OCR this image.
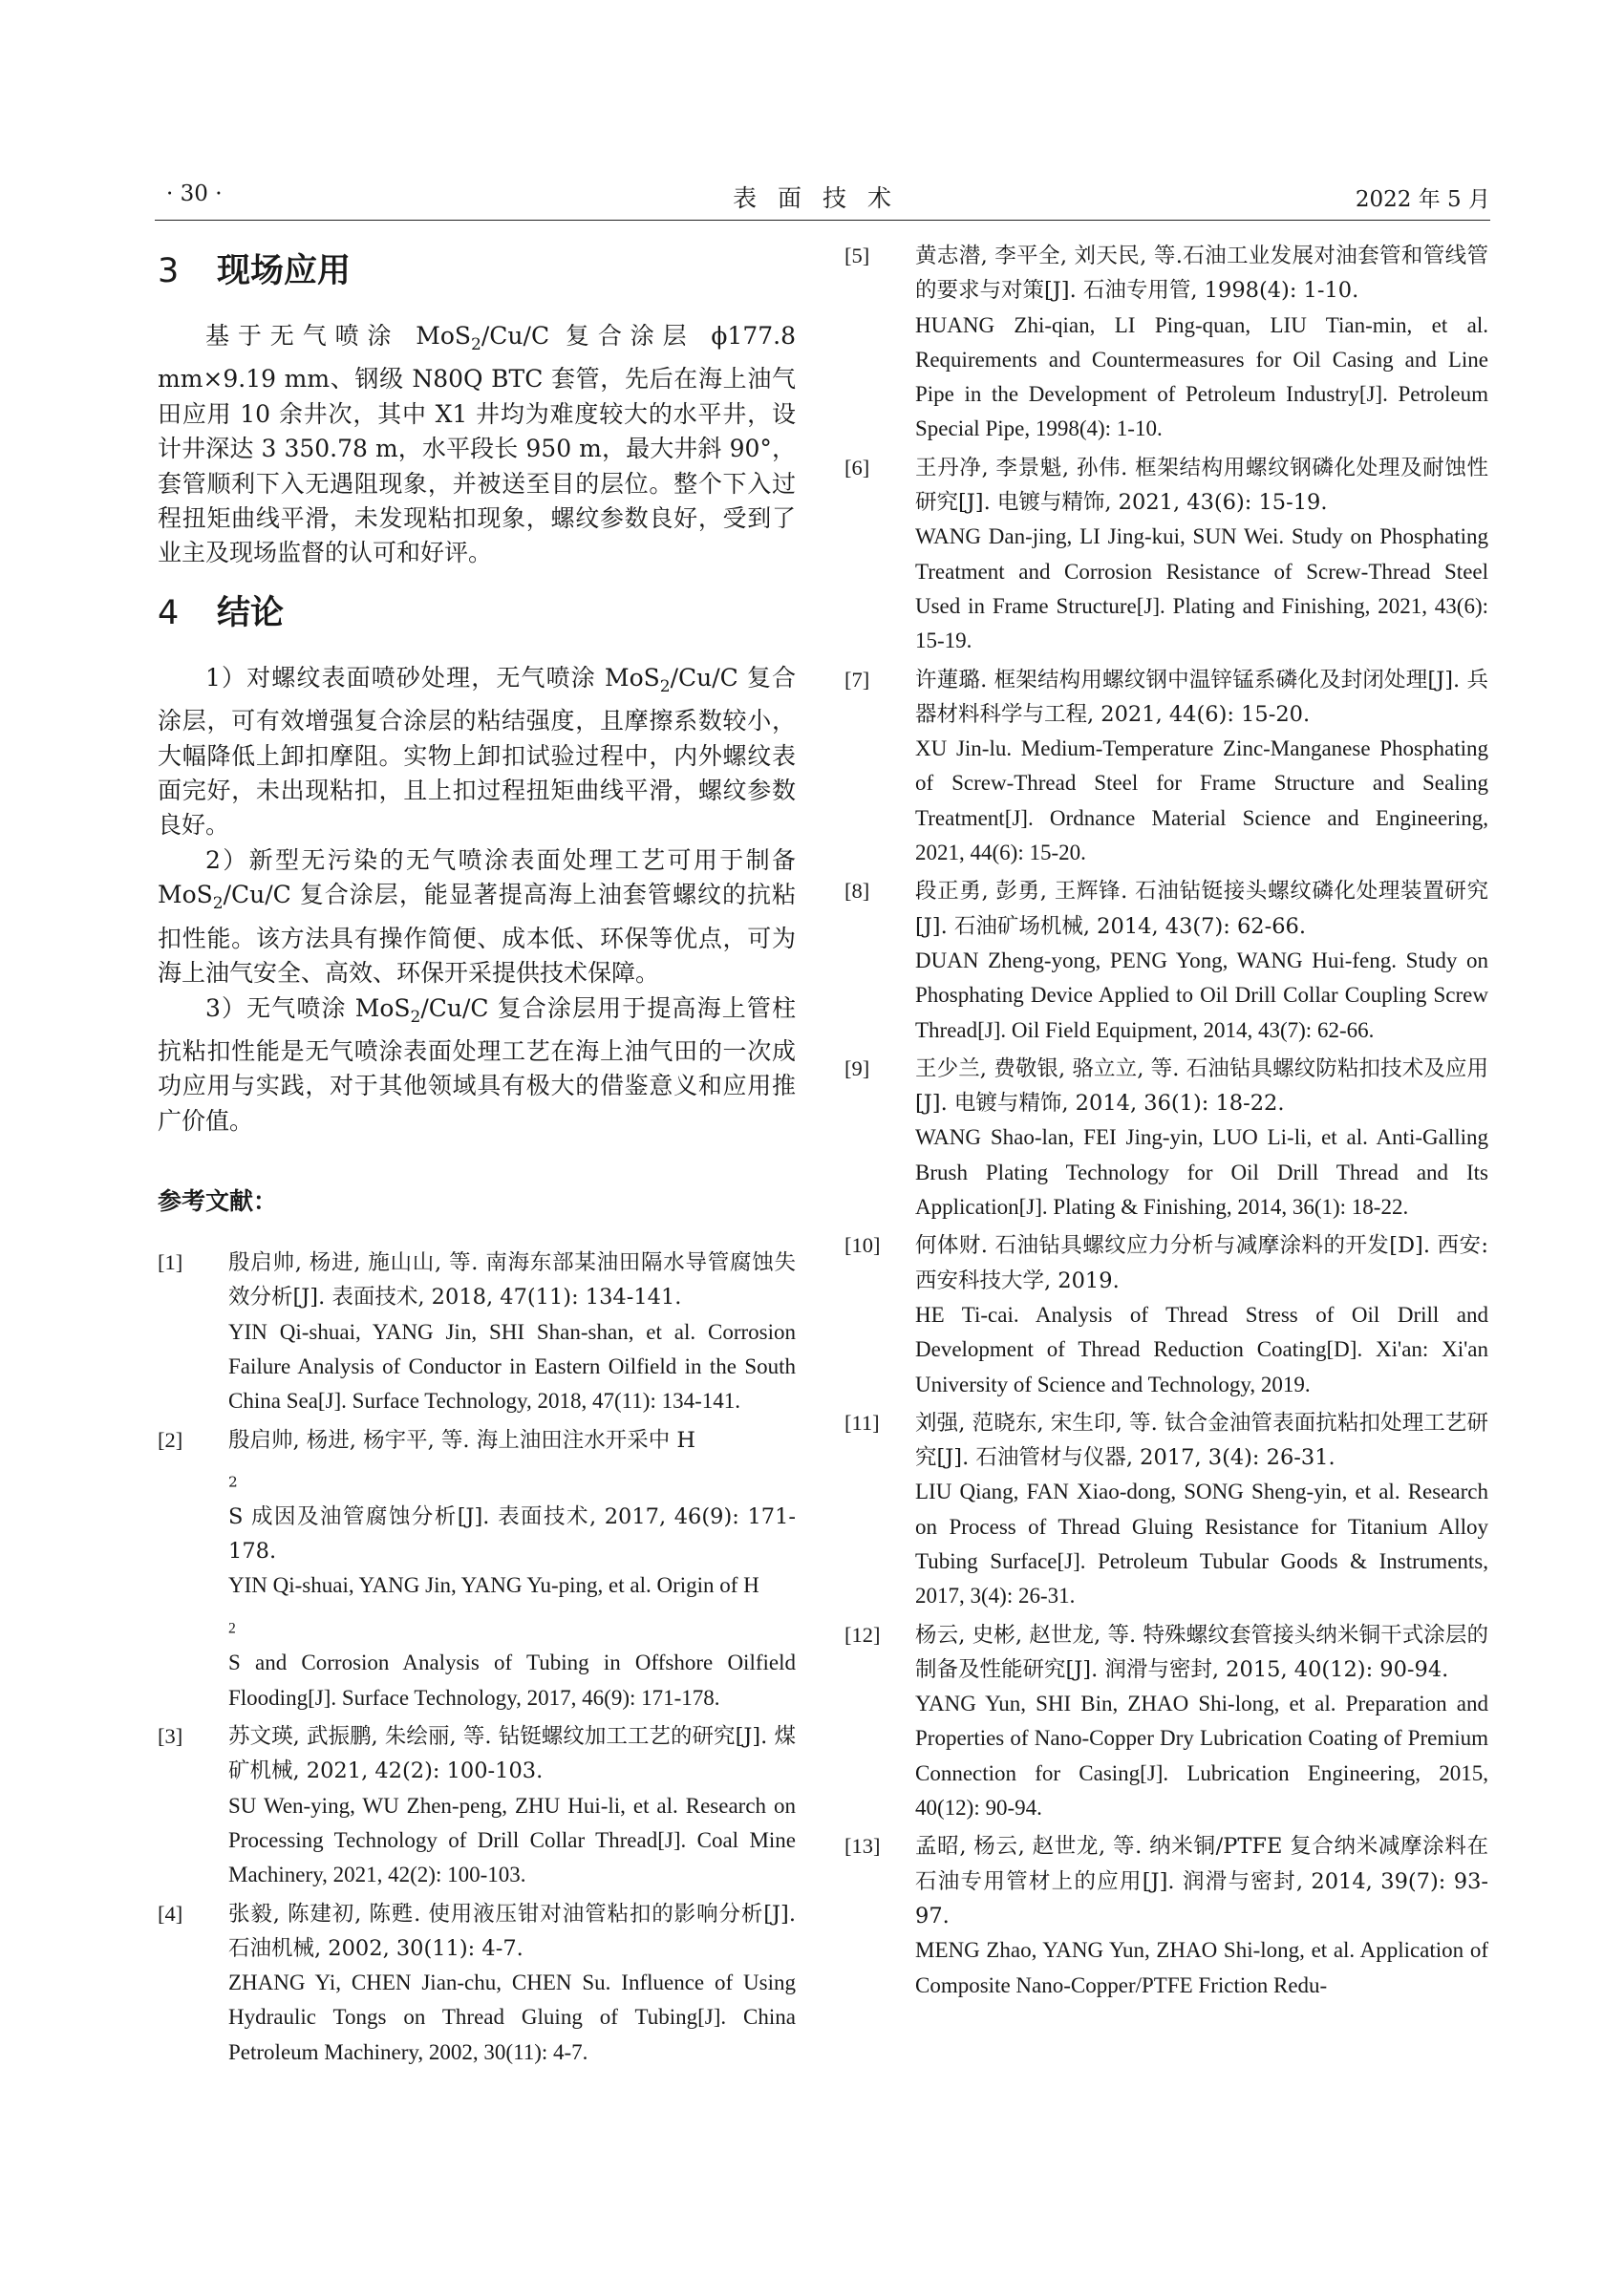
· 30 ·	表面技术	2022 年 5 月
3 现场应用

基于无气喷涂 MoS$_2$/Cu/C 复合涂层 ϕ177.8 mm×9.19 mm、钢级 N80Q BTC 套管，先后在海上油气田应用 10 余井次，其中 X1 井均为难度较大的水平井，设计井深达 3 350.78 m，水平段长 950 m，最大井斜 90°，套管顺利下入无遇阻现象，并被送至目的层位。整个下入过程扭矩曲线平滑，未发现粘扣现象，螺纹参数良好，受到了业主及现场监督的认可和好评。

4 结论

1）对螺纹表面喷砂处理，无气喷涂 MoS$_2$/Cu/C 复合涂层，可有效增强复合涂层的粘结强度，且摩擦系数较小，大幅降低上卸扣摩阻。实物上卸扣试验过程中，内外螺纹表面完好，未出现粘扣，且上扣过程扭矩曲线平滑，螺纹参数良好。

2）新型无污染的无气喷涂表面处理工艺可用于制备 MoS$_2$/Cu/C 复合涂层，能显著提高海上油套管螺纹的抗粘扣性能。该方法具有操作简便、成本低、环保等优点，可为海上油气安全、高效、环保开采提供技术保障。

3）无气喷涂 MoS$_2$/Cu/C 复合涂层用于提高海上管柱抗粘扣性能是无气喷涂表面处理工艺在海上油气田的一次成功应用与实践，对于其他领域具有极大的借鉴意义和应用推广价值。

参考文献：
[1]	殷启帅, 杨进, 施山山, 等. 南海东部某油田隔水导管腐蚀失效分析[J]. 表面技术, 2018, 47(11): 134-141.
YIN Qi-shuai, YANG Jin, SHI Shan-shan, et al. Corrosion Failure Analysis of Conductor in Eastern Oilfield in the South China Sea[J]. Surface Technology, 2018, 47(11): 134-141.
[2]	殷启帅, 杨进, 杨宇平, 等. 海上油田注水开采中 H
$_2$
S 成因及油管腐蚀分析[J]. 表面技术, 2017, 46(9): 171-178.
YIN Qi-shuai, YANG Jin, YANG Yu-ping, et al. Origin of H
$_2$
S and Corrosion Analysis of Tubing in Offshore Oilfield Flooding[J]. Surface Technology, 2017, 46(9): 171-178.
[3]	苏文瑛, 武振鹏, 朱绘丽, 等. 钻铤螺纹加工工艺的研究[J]. 煤矿机械, 2021, 42(2): 100-103.
SU Wen-ying, WU Zhen-peng, ZHU Hui-li, et al. Research on Processing Technology of Drill Collar Thread[J]. Coal Mine Machinery, 2021, 42(2): 100-103.
[4]	张毅, 陈建初, 陈甦. 使用液压钳对油管粘扣的影响分析[J]. 石油机械, 2002, 30(11): 4-7.
ZHANG Yi, CHEN Jian-chu, CHEN Su. Influence of Using Hydraulic Tongs on Thread Gluing of Tubing[J]. China Petroleum Machinery, 2002, 30(11): 4-7.
[5]	黄志潜, 李平全, 刘天民, 等.石油工业发展对油套管和管线管的要求与对策[J]. 石油专用管, 1998(4): 1-10.
HUANG Zhi-qian, LI Ping-quan, LIU Tian-min, et al. Requirements and Countermeasures for Oil Casing and Line Pipe in the Development of Petroleum Industry[J]. Petroleum Special Pipe, 1998(4): 1-10.
[6]	王丹净, 李景魁, 孙伟. 框架结构用螺纹钢磷化处理及耐蚀性研究[J]. 电镀与精饰, 2021, 43(6): 15-19.
WANG Dan-jing, LI Jing-kui, SUN Wei. Study on Phosphating Treatment and Corrosion Resistance of Screw-Thread Steel Used in Frame Structure[J]. Plating and Finishing, 2021, 43(6): 15-19.
[7]	许蓮璐. 框架结构用螺纹钢中温锌锰系磷化及封闭处理[J]. 兵器材料科学与工程, 2021, 44(6): 15-20.
XU Jin-lu. Medium-Temperature Zinc-Manganese Phosphating of Screw-Thread Steel for Frame Structure and Sealing Treatment[J]. Ordnance Material Science and Engineering, 2021, 44(6): 15-20.
[8]	段正勇, 彭勇, 王辉锋. 石油钻铤接头螺纹磷化处理装置研究[J]. 石油矿场机械, 2014, 43(7): 62-66.
DUAN Zheng-yong, PENG Yong, WANG Hui-feng. Study on Phosphating Device Applied to Oil Drill Collar Coupling Screw Thread[J]. Oil Field Equipment, 2014, 43(7): 62-66.
[9]	王少兰, 费敬银, 骆立立, 等. 石油钻具螺纹防粘扣技术及应用[J]. 电镀与精饰, 2014, 36(1): 18-22.
WANG Shao-lan, FEI Jing-yin, LUO Li-li, et al. Anti-Galling Brush Plating Technology for Oil Drill Thread and Its Application[J]. Plating & Finishing, 2014, 36(1): 18-22.
[10]	何体财. 石油钻具螺纹应力分析与减摩涂料的开发[D]. 西安: 西安科技大学, 2019.
HE Ti-cai. Analysis of Thread Stress of Oil Drill and Development of Thread Reduction Coating[D]. Xi'an: Xi'an University of Science and Technology, 2019.
[11]	刘强, 范晓东, 宋生印, 等. 钛合金油管表面抗粘扣处理工艺研究[J]. 石油管材与仪器, 2017, 3(4): 26-31.
LIU Qiang, FAN Xiao-dong, SONG Sheng-yin, et al. Research on Process of Thread Gluing Resistance for Titanium Alloy Tubing Surface[J]. Petroleum Tubular Goods & Instruments, 2017, 3(4): 26-31.
[12]	杨云, 史彬, 赵世龙, 等. 特殊螺纹套管接头纳米铜干式涂层的制备及性能研究[J]. 润滑与密封, 2015, 40(12): 90-94.
YANG Yun, SHI Bin, ZHAO Shi-long, et al. Preparation and Properties of Nano-Copper Dry Lubrication Coating of Premium Connection for Casing[J]. Lubrication Engineering, 2015, 40(12): 90-94.
[13]	孟昭, 杨云, 赵世龙, 等. 纳米铜/PTFE 复合纳米减摩涂料在石油专用管材上的应用[J]. 润滑与密封, 2014, 39(7): 93-97.
MENG Zhao, YANG Yun, ZHAO Shi-long, et al. Application of Composite Nano-Copper/PTFE Friction Redu-
